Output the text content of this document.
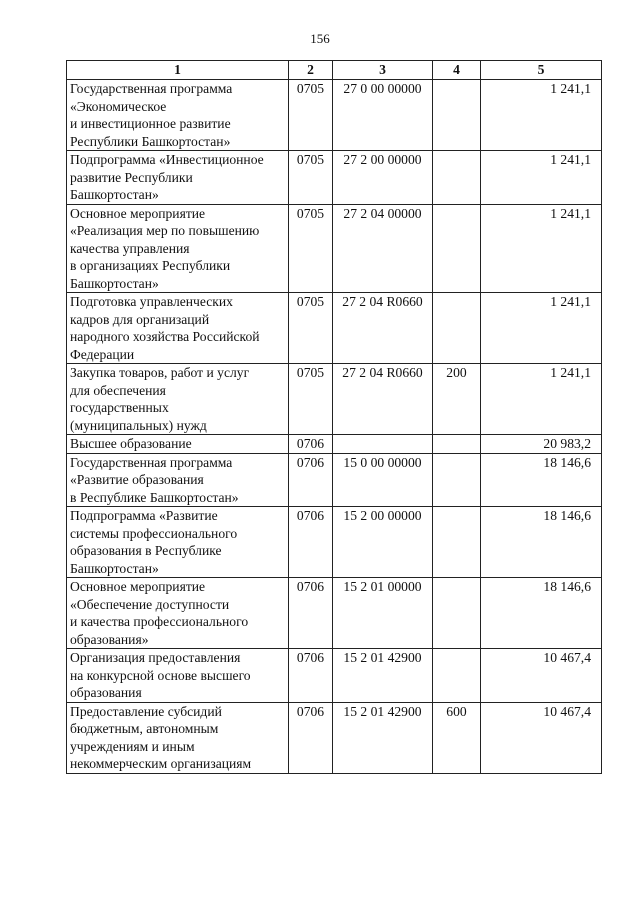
156
1	2	3	4	5
Государственная программа
«Экономическое
и инвестиционное развитие
Республики Башкортостан»	0705	27 0 00 00000		1 241,1
Подпрограмма «Инвестиционное
развитие Республики
Башкортостан»	0705	27 2 00 00000		1 241,1
Основное мероприятие
«Реализация мер по повышению
качества управления
в организациях Республики
Башкортостан»	0705	27 2 04 00000		1 241,1
Подготовка управленческих
кадров для организаций
народного хозяйства Российской
Федерации	0705	27 2 04 R0660		1 241,1
Закупка товаров, работ и услуг
для обеспечения
государственных
(муниципальных) нужд	0705	27 2 04 R0660	200	1 241,1
Высшее образование	0706			20 983,2
Государственная программа
«Развитие образования
в Республике Башкортостан»	0706	15 0 00 00000		18 146,6
Подпрограмма «Развитие
системы профессионального
образования в Республике
Башкортостан»	0706	15 2 00 00000		18 146,6
Основное мероприятие
«Обеспечение доступности
и качества профессионального
образования»	0706	15 2 01 00000		18 146,6
Организация предоставления
на конкурсной основе высшего
образования	0706	15 2 01 42900		10 467,4
Предоставление субсидий
бюджетным, автономным
учреждениям и иным
некоммерческим организациям	0706	15 2 01 42900	600	10 467,4
